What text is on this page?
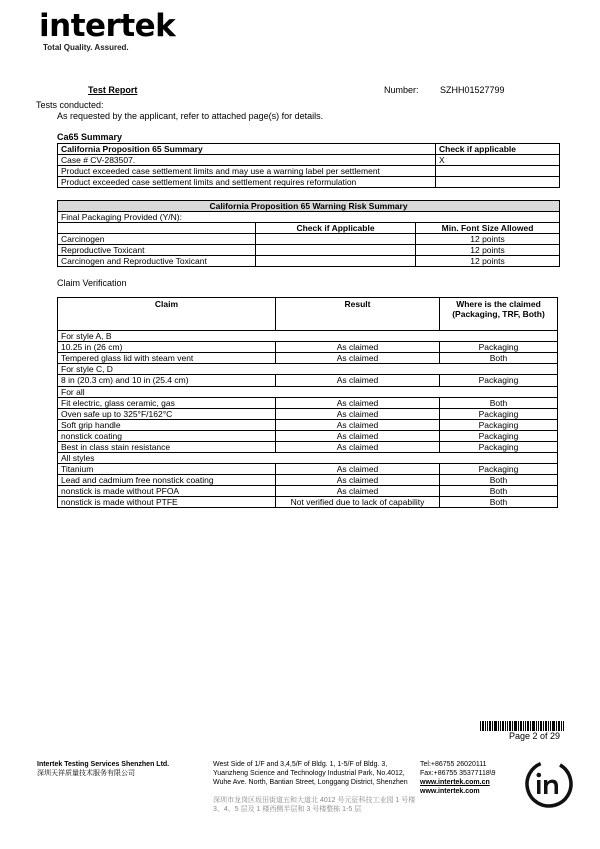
intertek
Total Quality. Assured.
Test Report	Number: SZHH01527799
Tests conducted:
As requested by the applicant, refer to attached page(s) for details.
Ca65 Summary
California Proposition 65 Summary	Check if applicable
Case # CV-283507.	X
Product exceeded case settlement limits and may use a warning label per settlement	
Product exceeded case settlement limits and settlement requires reformulation	
California Proposition 65 Warning Risk Summary		
Final Packaging Provided (Y/N):		
	Check if Applicable	Min. Font Size Allowed
Carcinogen		12 points
Reproductive Toxicant		12 points
Carcinogen and Reproductive Toxicant		12 points
Claim Verification
Claim	Result	Where is the claimed (Packaging, TRF, Both)
For style A, B		
10.25 in (26 cm)	As claimed	Packaging
Tempered glass lid with steam vent	As claimed	Both
For style C, D		
8 in (20.3 cm) and 10 in (25.4 cm)	As claimed	Packaging
For all		
Fit electric, glass ceramic, gas	As claimed	Both
Oven safe up to 325°F/162°C	As claimed	Packaging
Soft grip handle	As claimed	Packaging
nonstick coating	As claimed	Packaging
Best in class stain resistance	As claimed	Packaging
All styles		
Titanium	As claimed	Packaging
Lead and cadmium free nonstick coating	As claimed	Both
nonstick is made without PFOA	As claimed	Both
nonstick is made without PTFE	Not verified due to lack of capability	Both
Page 2 of 29
Intertek Testing Services Shenzhen Ltd.
深圳天祥质量技术服务有限公司
West Side of 1/F and 3,4,5/F of Bldg. 1, 1-5/F of Bldg. 3, Yuanzheng Science and Technology Industrial Park, No.4012, Wuhe Ave. North, Bantian Street, Longgang District, Shenzhen
深圳市龙岗区坂田街道五和大道北 4012 号元征科技工业园 1 号楼 3、4、5 层及 1 楼西侧半层和 3 号楼整栋 1-5 层
Tel:+86755 26020111
Fax:+86755 35377118\9
www.intertek.com.cn
www.intertek.com
